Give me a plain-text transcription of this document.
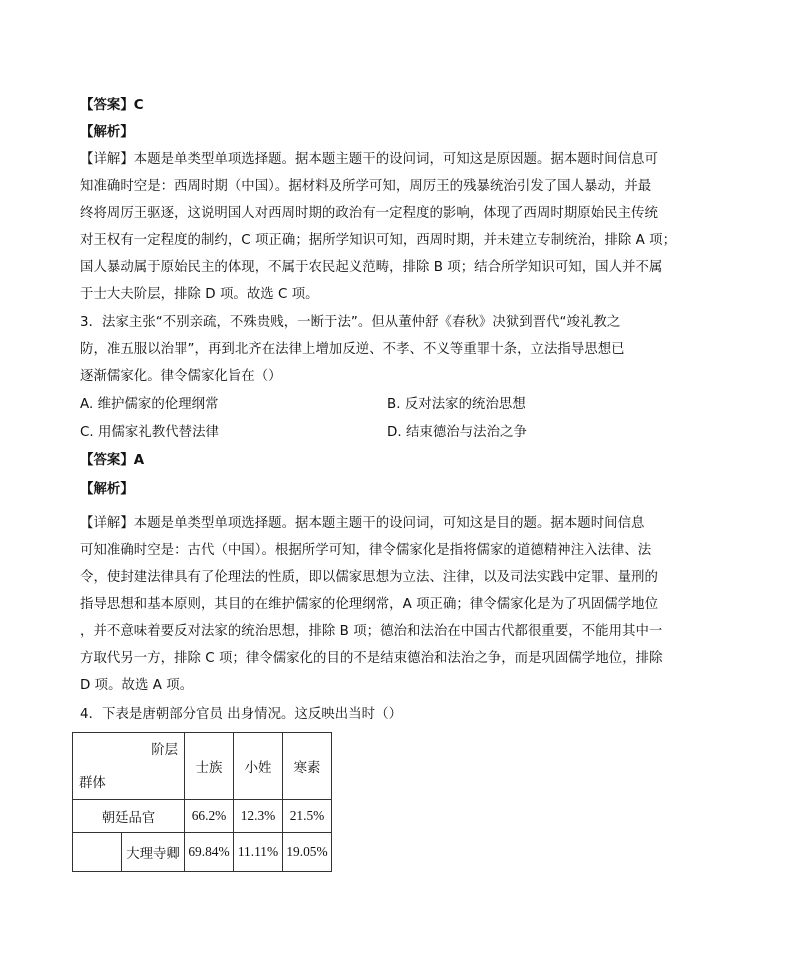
【答案】C
【解析】
【详解】本题是单类型单项选择题。据本题主题干的设问词，可知这是原因题。据本题时间信息可
知准确时空是：西周时期（中国）。据材料及所学可知，周厉王的残暴统治引发了国人暴动，并最
终将周厉王驱逐，这说明国人对西周时期的政治有一定程度的影响，体现了西周时期原始民主传统
对王权有一定程度的制约，C 项正确；据所学知识可知，西周时期，并未建立专制统治，排除 A 项；
国人暴动属于原始民主的体现，不属于农民起义范畴，排除 B 项；结合所学知识可知，国人并不属
于士大夫阶层，排除 D 项。故选 C 项。
3．法家主张“不别亲疏，不殊贵贱，一断于法”。但从董仲舒《春秋》决狱到晋代“竣礼教之
防，准五服以治罪”，再到北齐在法律上增加反逆、不孝、不义等重罪十条，立法指导思想已
逐渐儒家化。律令儒家化旨在（）
A. 维护儒家的伦理纲常	B. 反对法家的统治思想
C. 用儒家礼教代替法律	D. 结束德治与法治之争
【答案】A
【解析】
【详解】本题是单类型单项选择题。据本题主题干的设问词，可知这是目的题。据本题时间信息
可知准确时空是：古代（中国）。根据所学可知，律令儒家化是指将儒家的道德精神注入法律、法
令，使封建法律具有了伦理法的性质，即以儒家思想为立法、注律，以及司法实践中定罪、量刑的
指导思想和基本原则，其目的在维护儒家的伦理纲常，A 项正确；律令儒家化是为了巩固儒学地位
，并不意味着要反对法家的统治思想，排除 B 项；德治和法治在中国古代都很重要，不能用其中一
方取代另一方，排除 C 项；律令儒家化的目的不是结束德治和法治之争，而是巩固儒学地位，排除
D 项。故选 A 项。
4．下表是唐朝部分官员 出身情况。这反映出当时（）
阶层
群体		士族	小姓	寒素
朝廷品官		66.2%	12.3%	21.5%
	大理寺卿	69.84%	11.11%	19.05%
